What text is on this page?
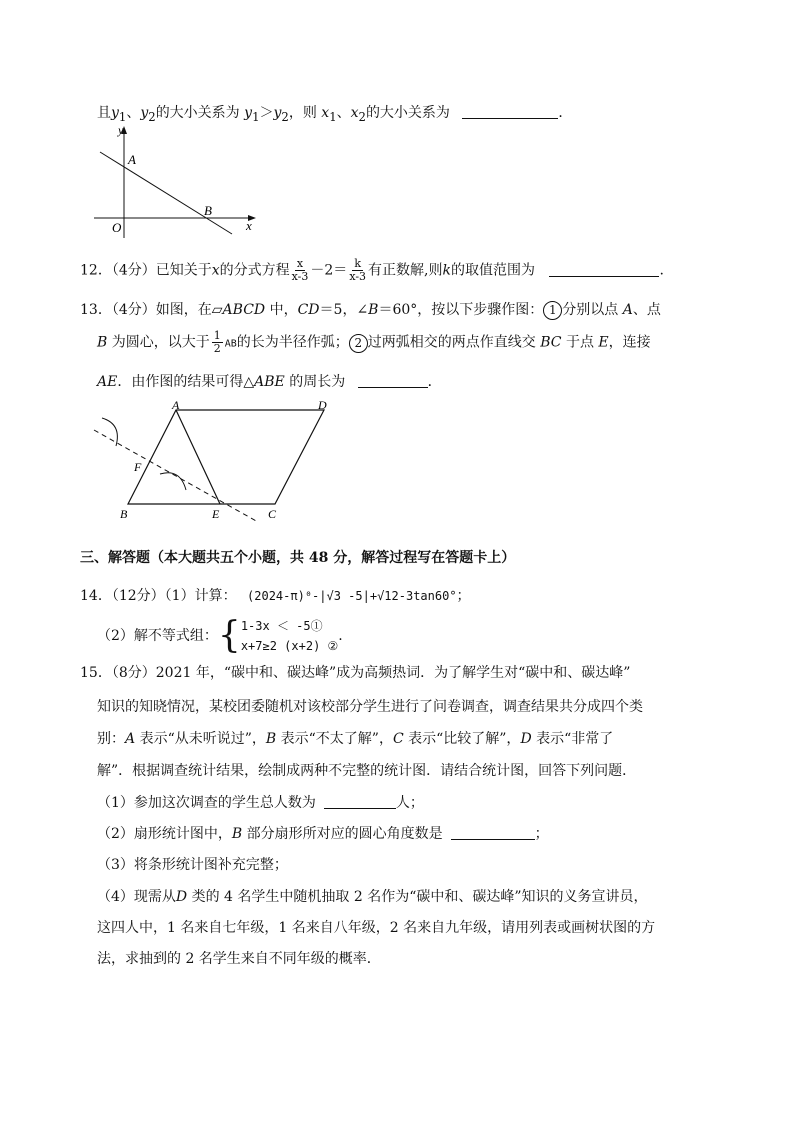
且$y_1$、$y_2$的大小关系为 $y_1>y_2$，则 $x_1$、$x_2$的大小关系为	．
x
y
A
B
O
12．（4分）已知关于x的分式方程 $\frac{x}{x-3} -2= \frac{k}{x-3}$ 有正数解,则k的取值范围为	.
13．（4分）如图，在▱ABCD 中，CD＝5，∠B＝60°，按以下步骤作图： 1 分别以点 A、点
B 为圆心，以大于 $\frac{1}{2}$ AB的长为半径作弧； 2 过两弧相交的两点作直线交 BC 于点 E，连接
AE．由作图的结果可得△ABE 的周长为	．
A	D
F
B	E	C
三、解答题（本大题共五个小题，共 48 分，解答过程写在答题卡上）
14．（12分）（1）计算： (2024-π)⁰-|√3 -5|+√12-3tan60°；
（2）解不等式组：{1-3x ＜ -5①
x+7≥2 (x+2) ②.
15．（8分）2021 年，“碳中和、碳达峰”成为高频热词．为了解学生对“碳中和、碳达峰”
知识的知晓情况，某校团委随机对该校部分学生进行了问卷调查，调查结果共分成四个类
别：A 表示“从未听说过”，B 表示“不太了解”，C 表示“比较了解”，D 表示“非常了
解”．根据调查统计结果，绘制成两种不完整的统计图．请结合统计图，回答下列问题．
（1）参加这次调查的学生总人数为	人；
（2）扇形统计图中，B 部分扇形所对应的圆心角度数是	；
（3）将条形统计图补充完整；
（4）现需从D 类的 4 名学生中随机抽取 2 名作为“碳中和、碳达峰”知识的义务宣讲员，
这四人中，1 名来自七年级，1 名来自八年级，2 名来自九年级，请用列表或画树状图的方
法，求抽到的 2 名学生来自不同年级的概率．
